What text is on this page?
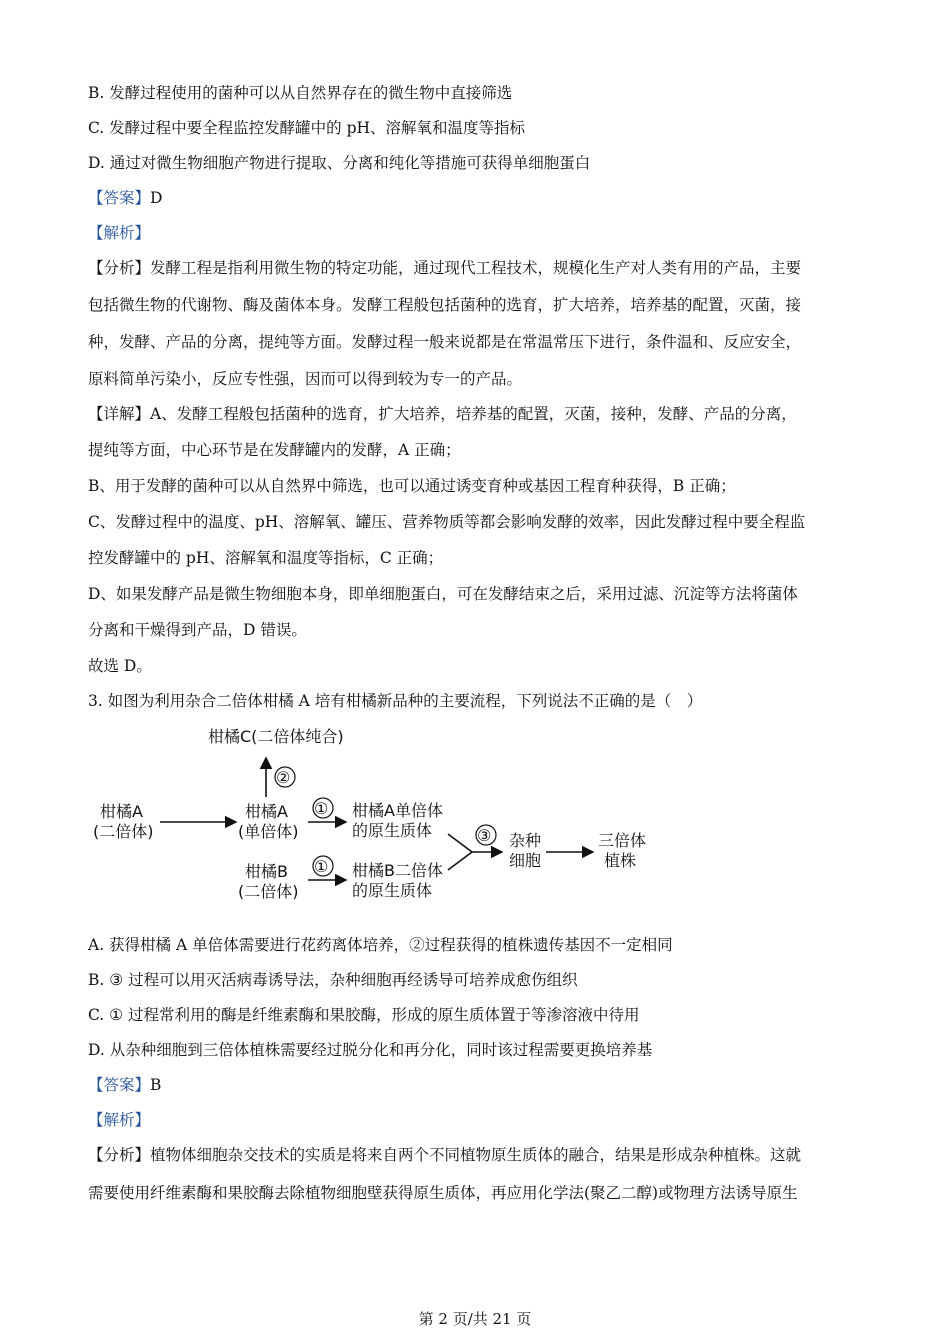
B. 发酵过程使用的菌种可以从自然界存在的微生物中直接筛选
C. 发酵过程中要全程监控发酵罐中的 pH、溶解氧和温度等指标
D. 通过对微生物细胞产物进行提取、分离和纯化等措施可获得单细胞蛋白
【答案】D
【解析】
【分析】发酵工程是指利用微生物的特定功能，通过现代工程技术，规模化生产对人类有用的产品，主要
包括微生物的代谢物、酶及菌体本身。发酵工程般包括菌种的选育，扩大培养，培养基的配置，灭菌，接
种，发酵、产品的分离，提纯等方面。发酵过程一般来说都是在常温常压下进行，条件温和、反应安全，
原料简单污染小，反应专性强，因而可以得到较为专一的产品。
【详解】A、发酵工程般包括菌种的选育，扩大培养，培养基的配置，灭菌，接种，发酵、产品的分离，
提纯等方面，中心环节是在发酵罐内的发酵，A 正确；
B、用于发酵的菌种可以从自然界中筛选，也可以通过诱变育种或基因工程育种获得，B 正确；
C、发酵过程中的温度、pH、溶解氧、罐压、营养物质等都会影响发酵的效率，因此发酵过程中要全程监
控发酵罐中的 pH、溶解氧和温度等指标，C 正确；
D、如果发酵产品是微生物细胞本身，即单细胞蛋白，可在发酵结束之后，采用过滤、沉淀等方法将菌体
分离和干燥得到产品，D 错误。
故选 D。
3. 如图为利用杂合二倍体柑橘 A 培有柑橘新品种的主要流程，下列说法不正确的是（　）
柑橘C(二倍体纯合)
②
柑橘A
(二倍体)
柑橘A
(单倍体)
① 柑橘A单倍体
的原生质体
柑橘B
(二倍体)
① 柑橘B二倍体
的原生质体
③ 杂种
细胞
三倍体
植株
A. 获得柑橘 A 单倍体需要进行花药离体培养，②过程获得的植株遗传基因不一定相同
B. ③ 过程可以用灭活病毒诱导法，杂种细胞再经诱导可培养成愈伤组织
C. ① 过程常利用的酶是纤维素酶和果胶酶，形成的原生质体置于等渗溶液中待用
D. 从杂种细胞到三倍体植株需要经过脱分化和再分化，同时该过程需要更换培养基
【答案】B
【解析】
【分析】植物体细胞杂交技术的实质是将来自两个不同植物原生质体的融合，结果是形成杂种植株。这就
需要使用纤维素酶和果胶酶去除植物细胞壁获得原生质体，再应用化学法(聚乙二醇)或物理方法诱导原生
第 2 页/共 21 页
